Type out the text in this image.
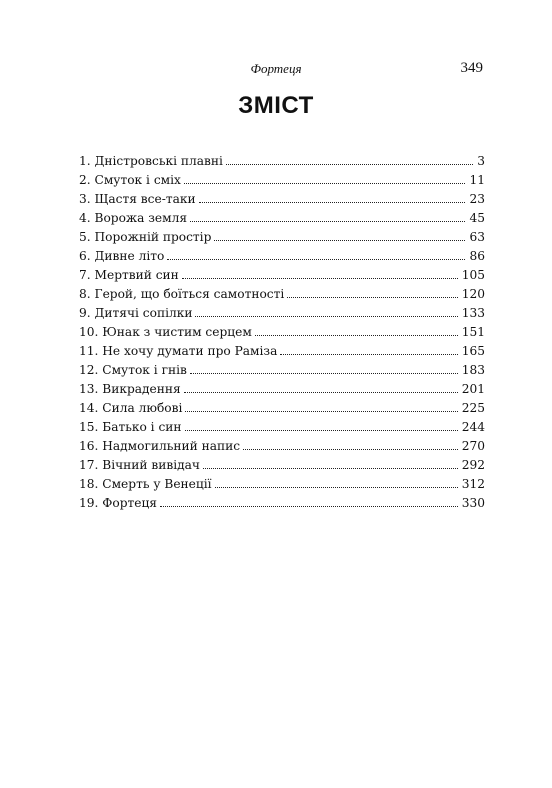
Фортеця	349
ЗМІСТ
1. Дністровські плавні	3
2. Смуток і сміх	11
3. Щастя все-таки	23
4. Ворожа земля	45
5. Порожній простір	63
6. Дивне літо	86
7. Мертвий син	105
8. Герой, що боїться самотності	120
9. Дитячі сопілки	133
10. Юнак з чистим серцем	151
11. Не хочу думати про Раміза	165
12. Смуток і гнів	183
13. Викрадення	201
14. Сила любові	225
15. Батько і син	244
16. Надмогильний напис	270
17. Вічний вивідач	292
18. Смерть у Венеції	312
19. Фортеця	330
